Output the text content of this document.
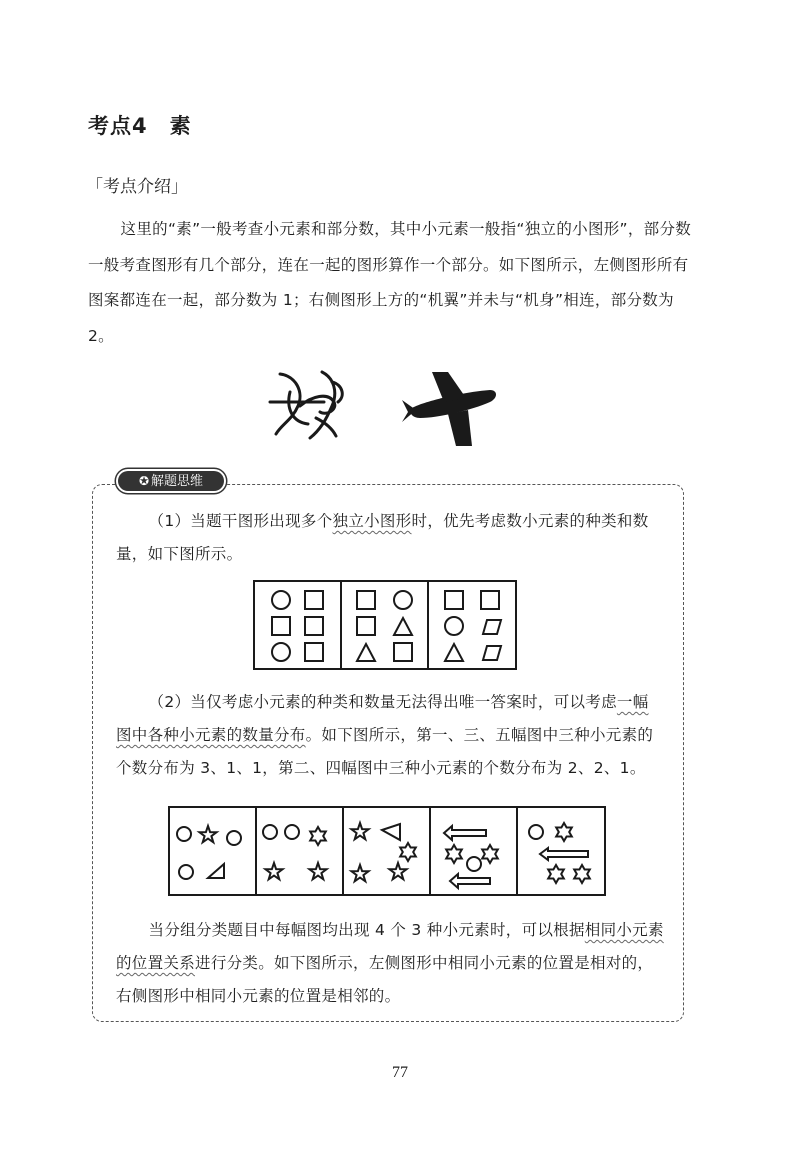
考点4　素
「考点介绍」

这里的“素”一般考查小元素和部分数，其中小元素一般指“独立的小图形”，部分数一般考查图形有几个部分，连在一起的图形算作一个部分。如下图所示，左侧图形所有图案都连在一起，部分数为 1；右侧图形上方的“机翼”并未与“机身”相连，部分数为 2。

✪ 解题思维

（1）当题干图形出现多个独立小图形时，优先考虑数小元素的种类和数量，如下图所示。

（2）当仅考虑小元素的种类和数量无法得出唯一答案时，可以考虑一幅图中各种小元素的数量分布。如下图所示，第一、三、五幅图中三种小元素的个数分布为 3、1、1，第二、四幅图中三种小元素的个数分布为 2、2、1。

当分组分类题目中每幅图均出现 4 个 3 种小元素时，可以根据相同小元素的位置关系进行分类。如下图所示，左侧图形中相同小元素的位置是相对的，右侧图形中相同小元素的位置是相邻的。

77
